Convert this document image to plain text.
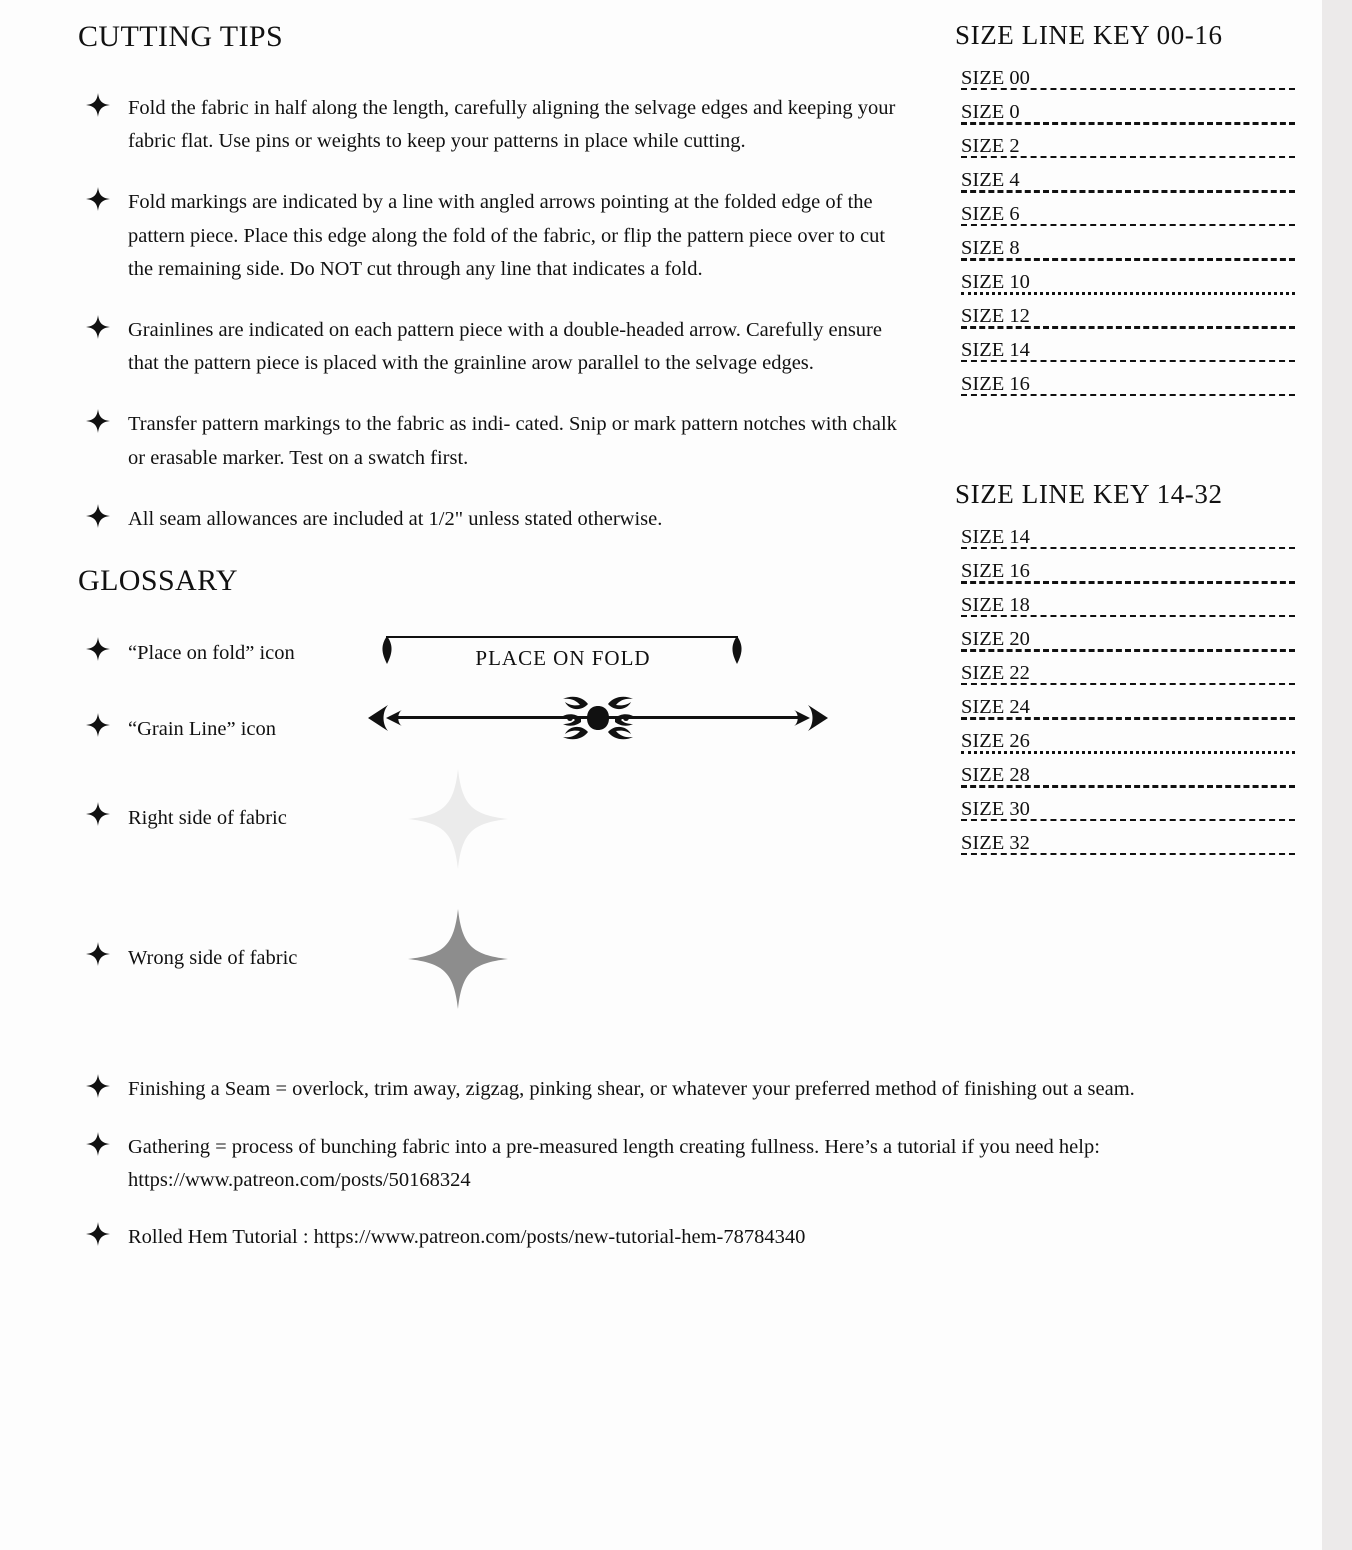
CUTTING TIPS
Fold the fabric in half along the length, carefully aligning the selvage edges and keeping your fabric flat. Use pins or weights to keep your patterns in place while cutting.
Fold markings are indicated by a line with angled arrows pointing at the folded edge of the pattern piece. Place this edge along the fold of the fabric, or flip the pattern piece over to cut the remaining side. Do NOT cut through any line that indicates a fold.
Grainlines are indicated on each pattern piece with a double-headed arrow. Carefully ensure that the pattern piece is placed with the grainline arow parallel to the selvage edges.
Transfer pattern markings to the fabric as indi- cated. Snip or mark pattern notches with chalk or erasable marker. Test on a swatch first.
All seam allowances are included at 1/2" unless stated otherwise.
GLOSSARY
“Place on fold” icon	PLACE ON FOLD
“Grain Line” icon
Right side of fabric
Wrong side of fabric
Finishing a Seam = overlock, trim away, zigzag, pinking shear, or whatever your preferred method of finishing out a seam.
Gathering = process of bunching fabric into a pre-measured length creating fullness. Here’s a tutorial if you need help: https://www.patreon.com/posts/50168324
Rolled Hem Tutorial : https://www.patreon.com/posts/new-tutorial-hem-78784340
SIZE LINE KEY 00-16
SIZE 00
SIZE 0
SIZE 2
SIZE 4
SIZE 6
SIZE 8
SIZE 10
SIZE 12
SIZE 14
SIZE 16
SIZE LINE KEY 14-32
SIZE 14
SIZE 16
SIZE 18
SIZE 20
SIZE 22
SIZE 24
SIZE 26
SIZE 28
SIZE 30
SIZE 32
